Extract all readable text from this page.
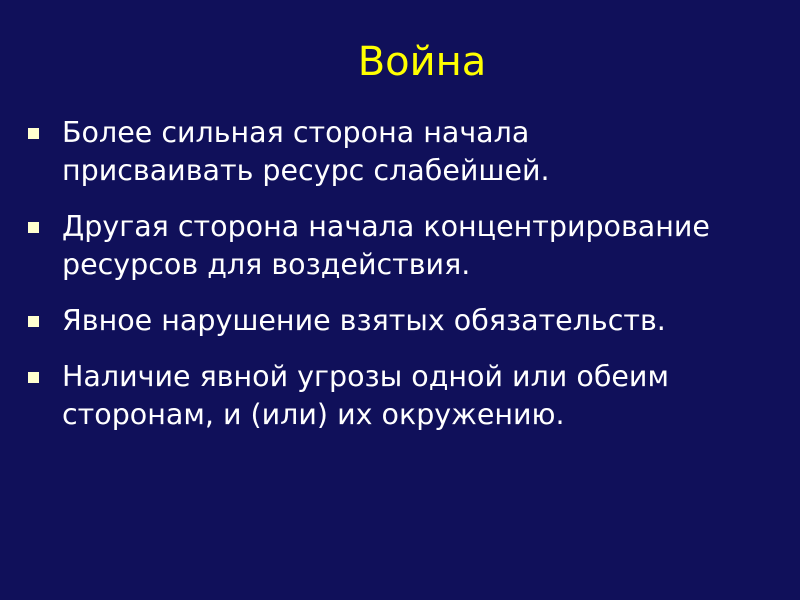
Война
Более сильная сторона начала
присваивать ресурс слабейшей.
Другая сторона начала концентрирование
ресурсов для воздействия.
Явное нарушение взятых обязательств.
Наличие явной угрозы одной или обеим
сторонам, и (или) их окружению.
